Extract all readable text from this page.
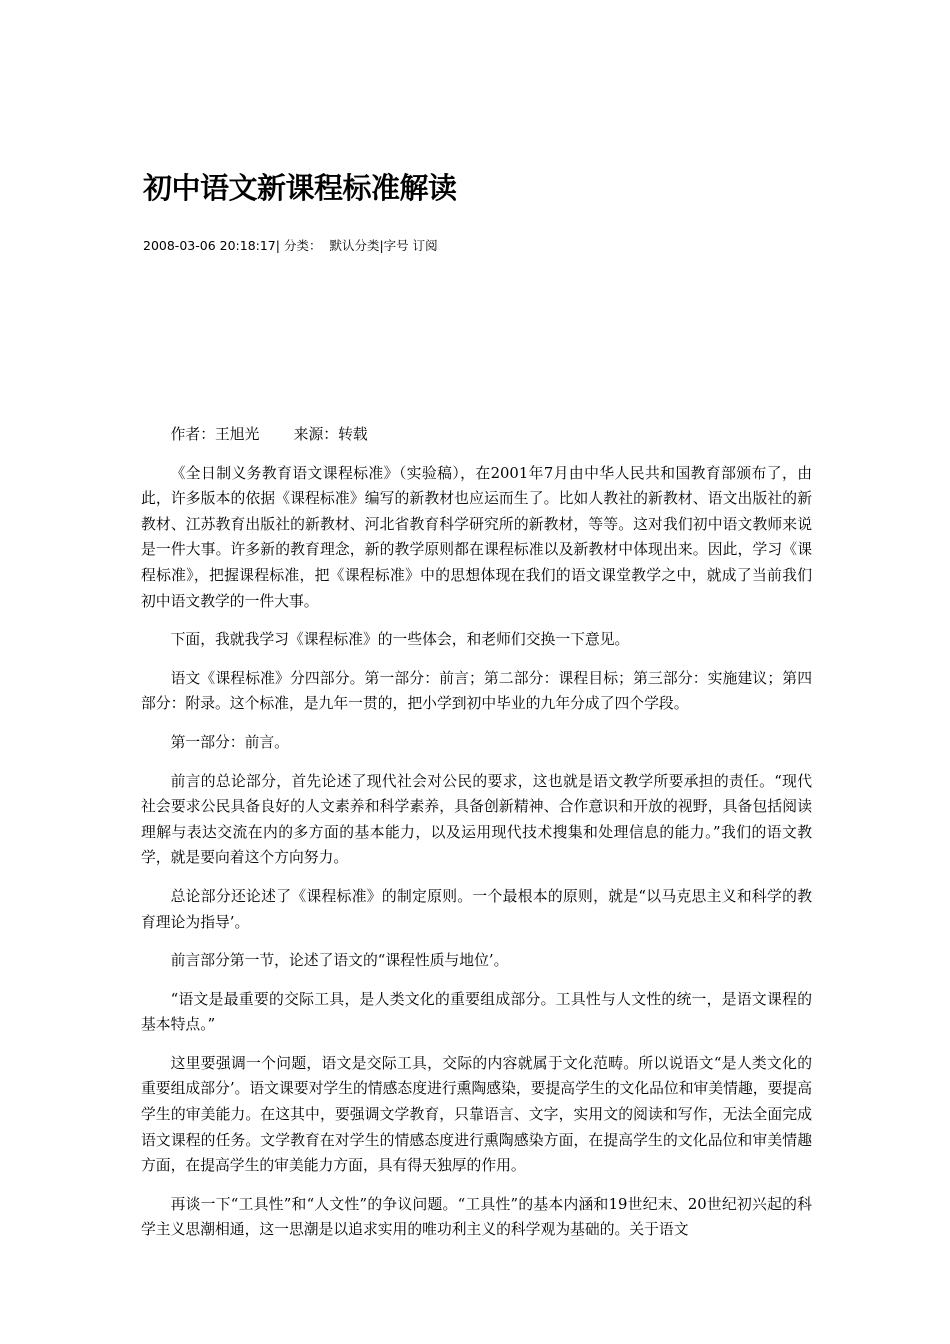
初中语文新课程标准解读
2008-03-06 20:18:17| 分类： 默认分类|字号 订阅

作者：王旭光　　 来源：转载

《全日制义务教育语文课程标准》（实验稿），在2001年7月由中华人民共和国教育部颁布了，由此，许多版本的依据《课程标准》编写的新教材也应运而生了。比如人教社的新教材、语文出版社的新教材、江苏教育出版社的新教材、河北省教育科学研究所的新教材，等等。这对我们初中语文教师来说是一件大事。许多新的教育理念，新的教学原则都在课程标准以及新教材中体现出来。因此，学习《课程标准》，把握课程标准，把《课程标准》中的思想体现在我们的语文课堂教学之中，就成了当前我们初中语文教学的一件大事。

下面，我就我学习《课程标准》的一些体会，和老师们交换一下意见。

语文《课程标准》分四部分。第一部分：前言；第二部分：课程目标；第三部分：实施建议；第四部分：附录。这个标准，是九年一贯的，把小学到初中毕业的九年分成了四个学段。

第一部分：前言。

前言的总论部分，首先论述了现代社会对公民的要求，这也就是语文教学所要承担的责任。“现代社会要求公民具备良好的人文素养和科学素养，具备创新精神、合作意识和开放的视野，具备包括阅读理解与表达交流在内的多方面的基本能力，以及运用现代技术搜集和处理信息的能力。”我们的语文教学，就是要向着这个方向努力。

总论部分还论述了《课程标准》的制定原则。一个最根本的原则，就是“以马克思主义和科学的教育理论为指导’。

前言部分第一节，论述了语文的“课程性质与地位’。

“语文是最重要的交际工具，是人类文化的重要组成部分。工具性与人文性的统一，是语文课程的基本特点。”

这里要强调一个问题，语文是交际工具，交际的内容就属于文化范畴。所以说语文“是人类文化的重要组成部分’。语文课要对学生的情感态度进行熏陶感染，要提高学生的文化品位和审美情趣，要提高学生的审美能力。在这其中，要强调文学教育，只靠语言、文字，实用文的阅读和写作，无法全面完成语文课程的任务。文学教育在对学生的情感态度进行熏陶感染方面，在提高学生的文化品位和审美情趣方面，在提高学生的审美能力方面，具有得天独厚的作用。

再谈一下“工具性”和“人文性”的争议问题。“工具性”的基本内涵和19世纪末、20世纪初兴起的科学主义思潮相通，这一思潮是以追求实用的唯功利主义的科学观为基础的。关于语文
